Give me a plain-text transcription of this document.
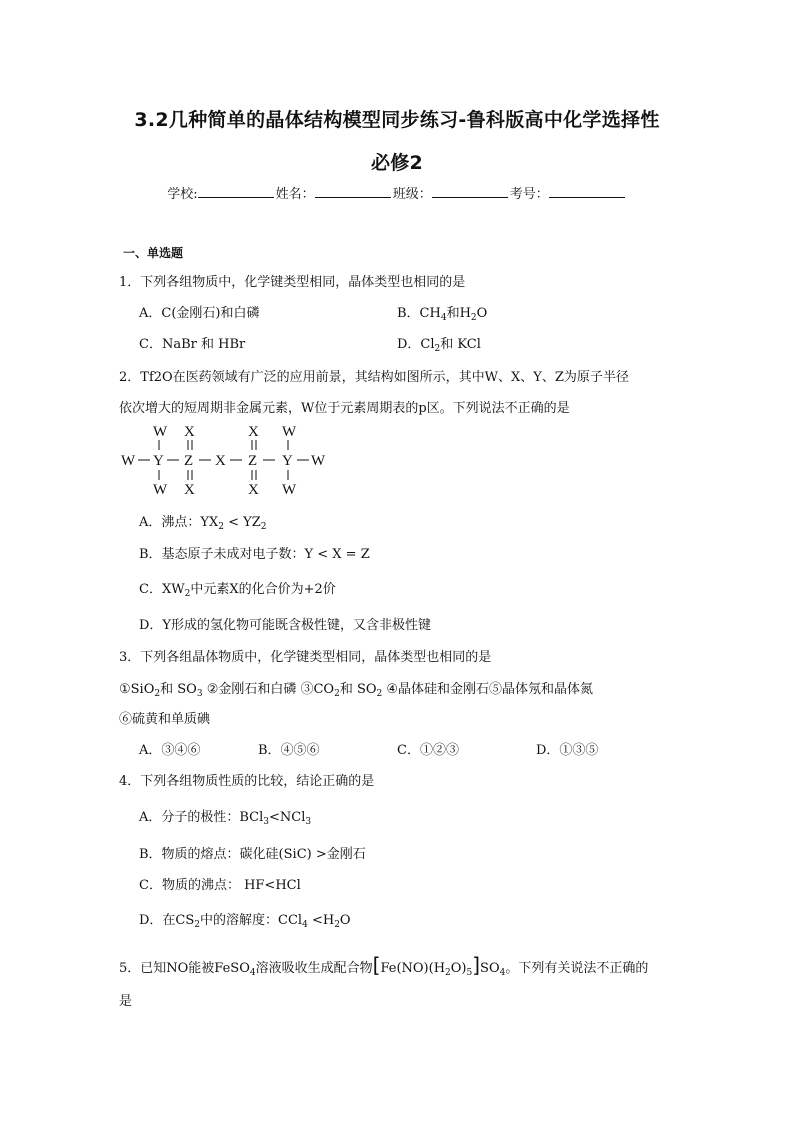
3.2几种简单的晶体结构模型同步练习-鲁科版高中化学选择性
必修2
学校:	姓名：	班级：	考号：
一、单选题
1．下列各组物质中，化学键类型相同，晶体类型也相同的是
A．C(金刚石)和白磷	B．$CH_4$和$H_2O$
C．NaBr 和 HBr	D．$Cl_2$和 KCl
2．Tf2O在医药领域有广泛的应用前景，其结构如图所示，其中W、X、Y、Z为原子半径
依次增大的短周期非金属元素，W位于元素周期表的p区。下列说法不正确的是
W X	X W
W Y Z X Z Y W
W X	X W
A．沸点：$YX_2 < YZ_2$
B．基态原子未成对电子数：Y < X = Z
C．$XW_2$中元素X的化合价为+2价
D．Y形成的氢化物可能既含极性键，又含非极性键
3．下列各组晶体物质中，化学键类型相同，晶体类型也相同的是
①SiO$_2$和 $SO_3$ ②金刚石和白磷 $③CO_2$和 $SO_2$ ④晶体硅和金刚石⑤晶体氖和晶体氮
⑥硫黄和单质碘
A．③④⑥	B．④⑤⑥	C．①②③	D．①③⑤
4．下列各组物质性质的比较，结论正确的是
A．分子的极性：BCl$_3$<NCl$_3$
B．物质的熔点：碳化硅(SiC) >金刚石
C．物质的沸点： HF<HCl
D．在$CS_2$中的溶解度：$CCl_4 <H_2O$
5．已知NO能被FeSO$_4$溶液吸收生成配合物$[Fe(NO)(H_2O)_5]SO_4$。下列有关说法不正确的
是
